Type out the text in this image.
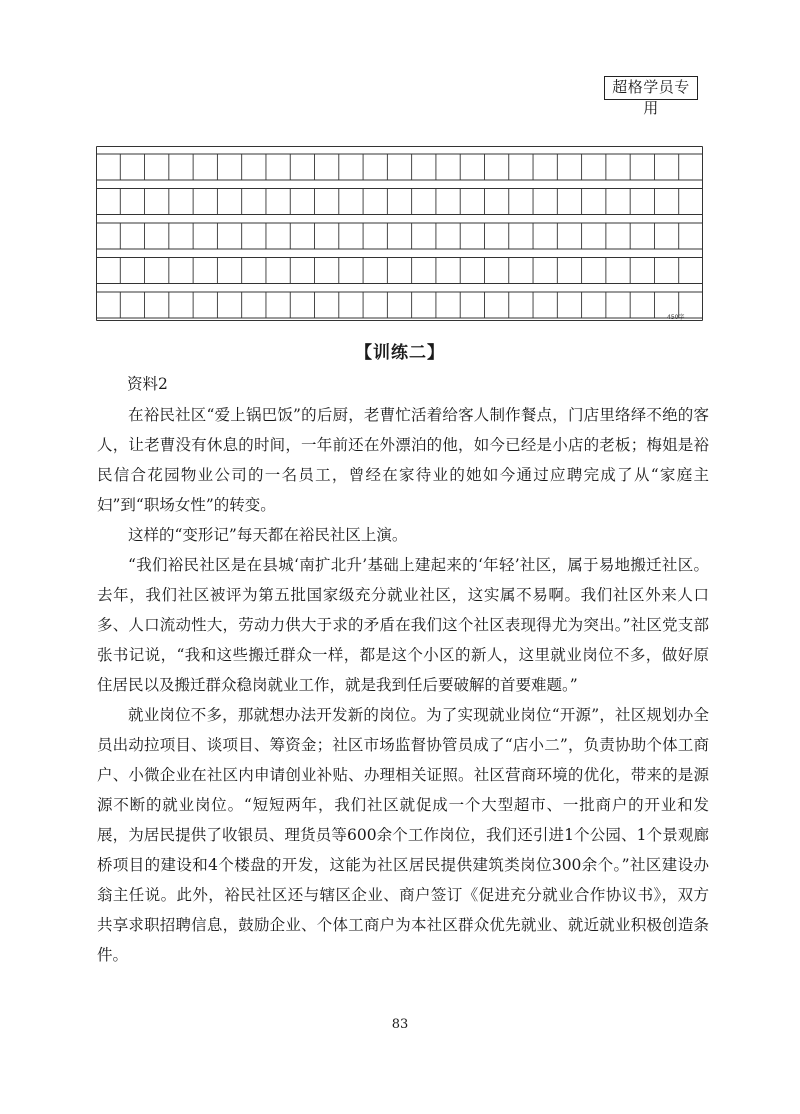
超格学员专用
450字
【训练二】
资料2

在裕民社区“爱上锅巴饭”的后厨，老曹忙活着给客人制作餐点，门店里络绎不绝的客人，让老曹没有休息的时间，一年前还在外漂泊的他，如今已经是小店的老板；梅姐是裕民信合花园物业公司的一名员工，曾经在家待业的她如今通过应聘完成了从“家庭主妇”到“职场女性”的转变。

这样的“变形记”每天都在裕民社区上演。

“我们裕民社区是在县城‘南扩北升’基础上建起来的‘年轻’社区，属于易地搬迁社区。去年，我们社区被评为第五批国家级充分就业社区，这实属不易啊。我们社区外来人口多、人口流动性大，劳动力供大于求的矛盾在我们这个社区表现得尤为突出。”社区党支部张书记说，“我和这些搬迁群众一样，都是这个小区的新人，这里就业岗位不多，做好原住居民以及搬迁群众稳岗就业工作，就是我到任后要破解的首要难题。”

就业岗位不多，那就想办法开发新的岗位。为了实现就业岗位“开源”，社区规划办全员出动拉项目、谈项目、筹资金；社区市场监督协管员成了“店小二”，负责协助个体工商户、小微企业在社区内申请创业补贴、办理相关证照。社区营商环境的优化，带来的是源源不断的就业岗位。“短短两年，我们社区就促成一个大型超市、一批商户的开业和发展，为居民提供了收银员、理货员等600余个工作岗位，我们还引进1个公园、1个景观廊桥项目的建设和4个楼盘的开发，这能为社区居民提供建筑类岗位300余个。”社区建设办翁主任说。此外，裕民社区还与辖区企业、商户签订《促进充分就业合作协议书》，双方共享求职招聘信息，鼓励企业、个体工商户为本社区群众优先就业、就近就业积极创造条件。

83
